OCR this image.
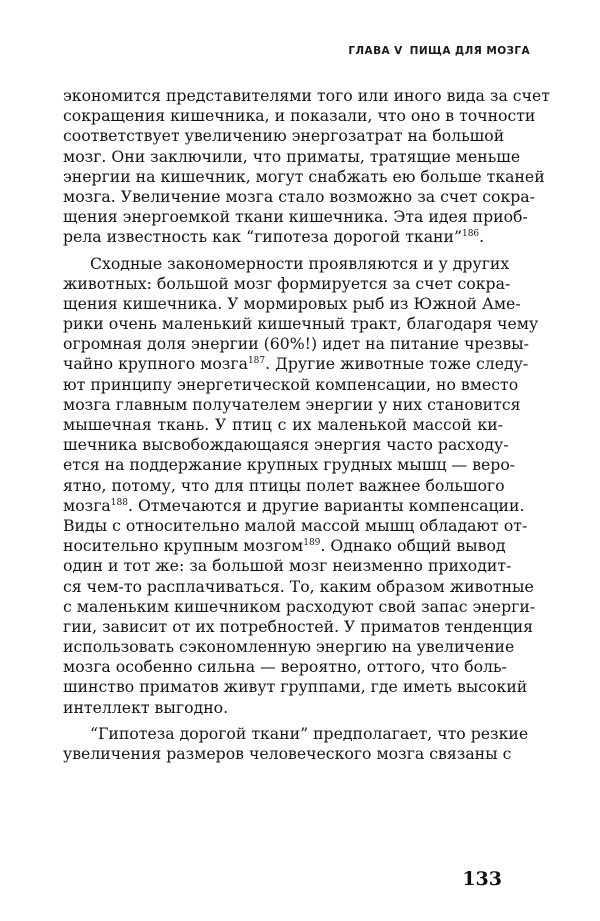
ГЛАВА V ПИЩА ДЛЯ МОЗГА
экономится представителями того или иного вида за счет
сокращения кишечника, и показали, что оно в точности
соответствует увеличению энергозатрат на большой
мозг. Они заключили, что приматы, тратящие меньше
энергии на кишечник, могут снабжать ею больше тканей
мозга. Увеличение мозга стало возможно за счет сокра-
щения энергоемкой ткани кишечника. Эта идея приоб-
рела известность как “гипотеза дорогой ткани”$^{186}$.
Сходные закономерности проявляются и у других
животных: большой мозг формируется за счет сокра-
щения кишечника. У мормировых рыб из Южной Аме-
рики очень маленький кишечный тракт, благодаря чему
огромная доля энергии (60%!) идет на питание чрезвы-
чайно крупного мозга$^{187}$. Другие животные тоже следу-
ют принципу энергетической компенсации, но вместо
мозга главным получателем энергии у них становится
мышечная ткань. У птиц с их маленькой массой ки-
шечника высвобождающаяся энергия часто расходу-
ется на поддержание крупных грудных мышц — веро-
ятно, потому, что для птицы полет важнее большого
мозга$^{188}$. Отмечаются и другие варианты компенсации.
Виды с относительно малой массой мышц обладают от-
носительно крупным мозгом$^{189}$. Однако общий вывод
один и тот же: за большой мозг неизменно приходит-
ся чем-то расплачиваться. То, каким образом животные
с маленьким кишечником расходуют свой запас энерги-
гии, зависит от их потребностей. У приматов тенденция
использовать сэкономленную энергию на увеличение
мозга особенно сильна — вероятно, оттого, что боль-
шинство приматов живут группами, где иметь высокий
интеллект выгодно.
“Гипотеза дорогой ткани” предполагает, что резкие
увеличения размеров человеческого мозга связаны с
133
